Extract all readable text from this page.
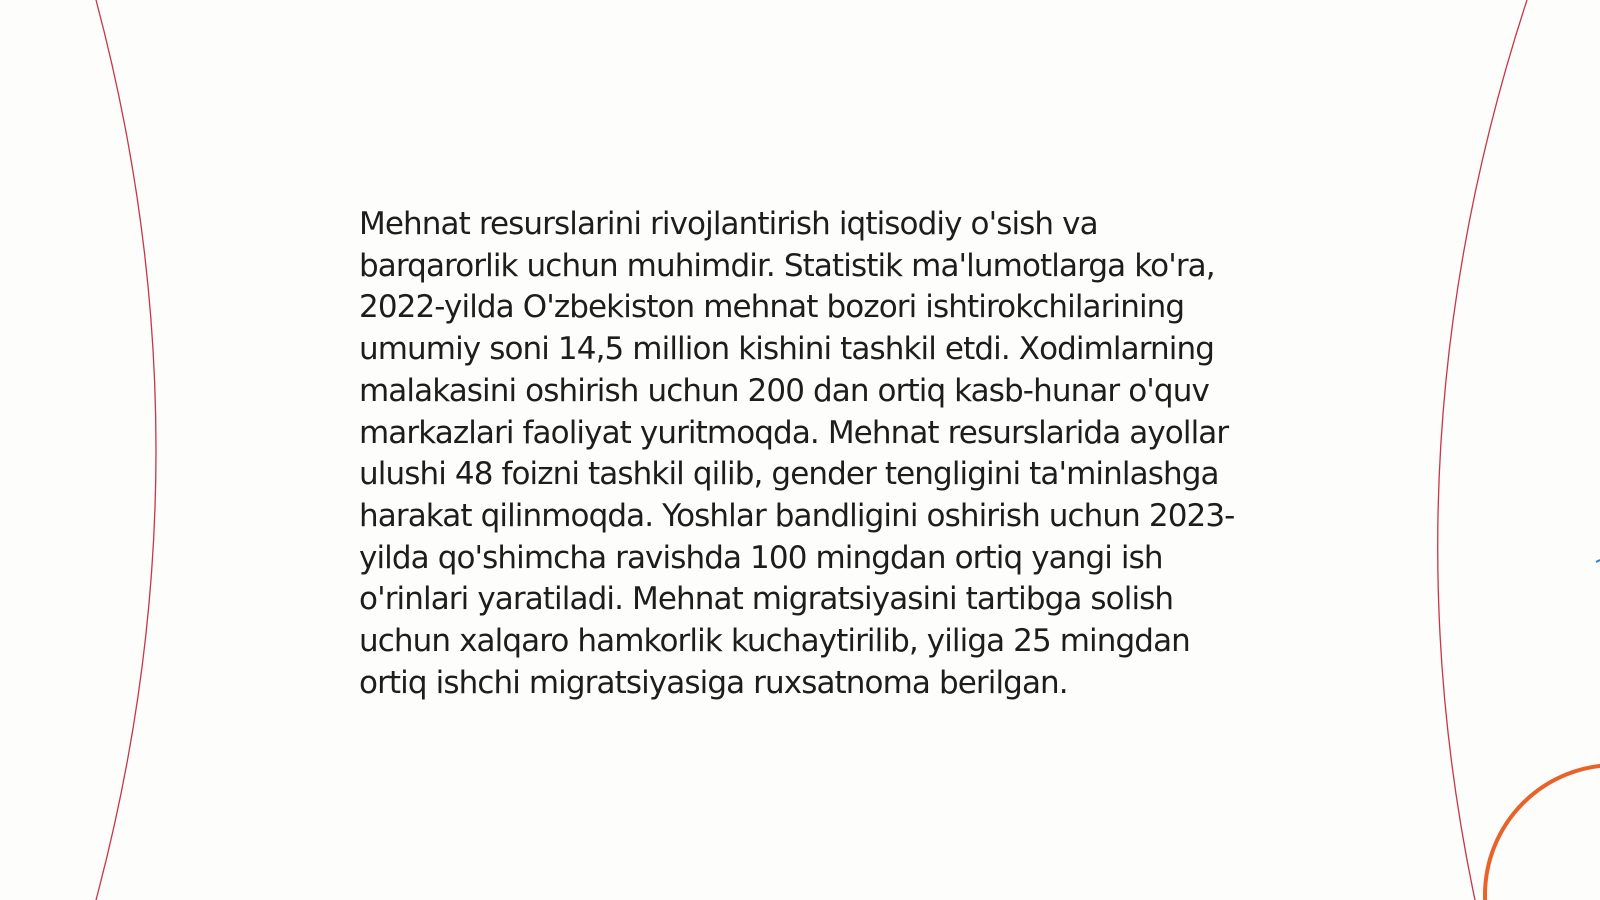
Mehnat resurslarini rivojlantirish iqtisodiy o'sish va barqarorlik uchun muhimdir. Statistik ma'lumotlarga ko'ra, 2022-yilda O'zbekiston mehnat bozori ishtirokchilarining umumiy soni 14,5 million kishini tashkil etdi. Xodimlarning malakasini oshirish uchun 200 dan ortiq kasb-hunar o'quv markazlari faoliyat yuritmoqda. Mehnat resurslarida ayollar ulushi 48 foizni tashkil qilib, gender tengligini ta'minlashga harakat qilinmoqda. Yoshlar bandligini oshirish uchun 2023-yilda qo'shimcha ravishda 100 mingdan ortiq yangi ish o'rinlari yaratiladi. Mehnat migratsiyasini tartibga solish uchun xalqaro hamkorlik kuchaytirilib, yiliga 25 mingdan ortiq ishchi migratsiyasiga ruxsatnoma berilgan.
